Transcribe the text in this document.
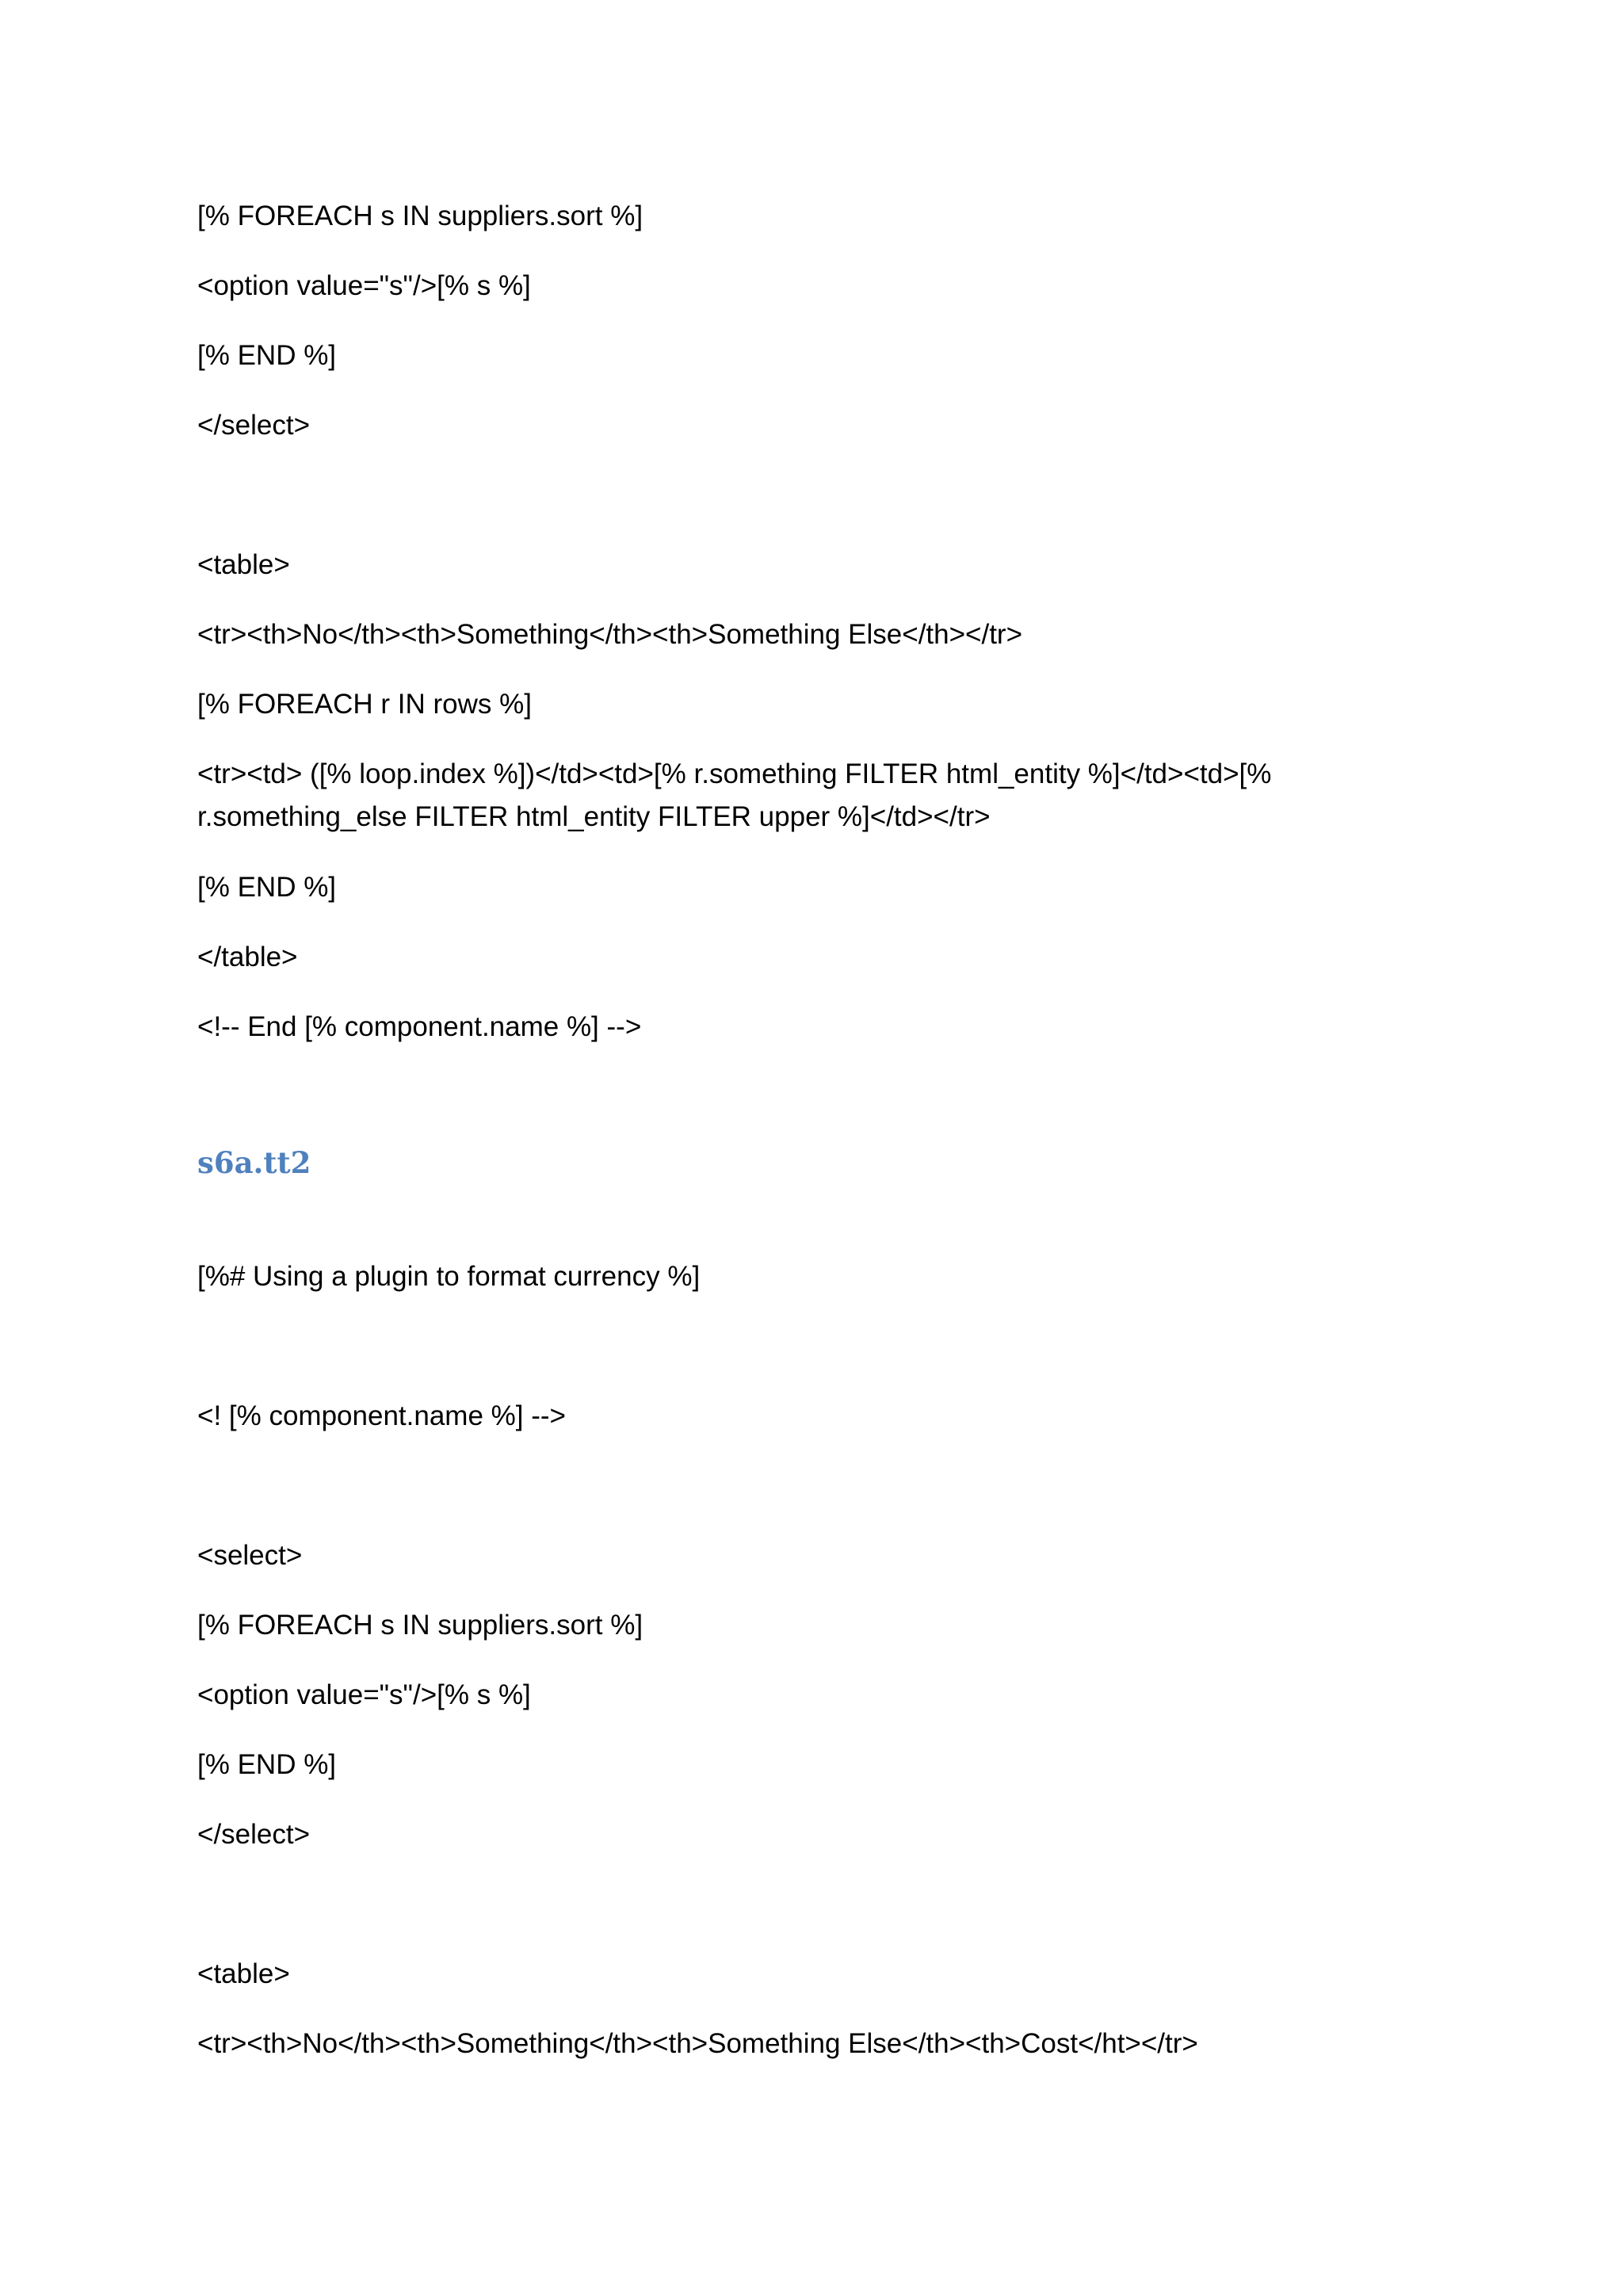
[% FOREACH s IN suppliers.sort %]

<option value="s"/>[% s %]

[% END %]

</select>

<table>

<tr><th>No</th><th>Something</th><th>Something Else</th></tr>

[% FOREACH r IN rows %]

<tr><td> ([% loop.index %])</td><td>[% r.something FILTER html_entity %]</td><td>[%

r.something_else FILTER html_entity FILTER upper %]</td></tr>

[% END %]

</table>

<!-- End [% component.name %] -->

s6a.tt2

[%# Using a plugin to format currency %]

<! [% component.name %] -->

<select>

[% FOREACH s IN suppliers.sort %]

<option value="s"/>[% s %]

[% END %]

</select>

<table>

<tr><th>No</th><th>Something</th><th>Something Else</th><th>Cost</ht></tr>
